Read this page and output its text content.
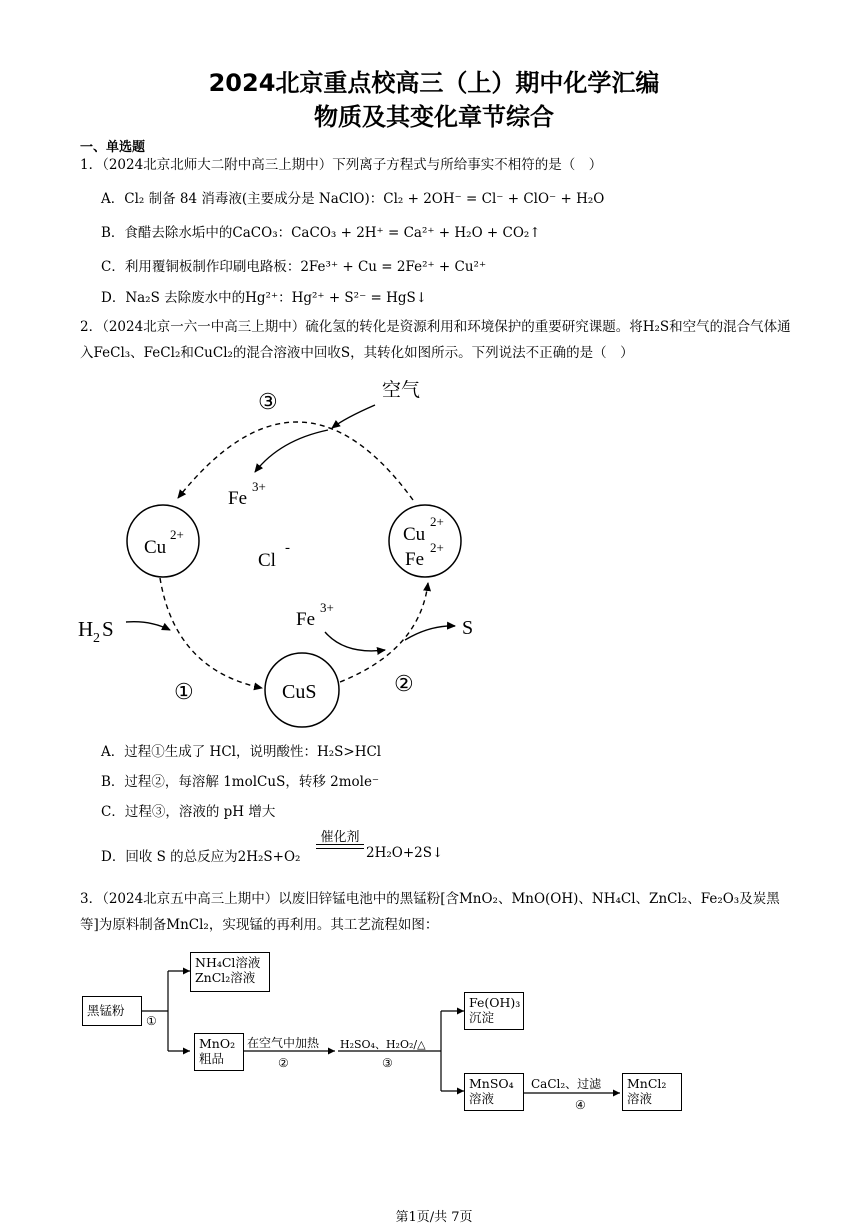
2024北京重点校高三（上）期中化学汇编
物质及其变化章节综合
一、单选题
1．（2024北京北师大二附中高三上期中）下列离子方程式与所给事实不相符的是（　）
A．Cl₂ 制备 84 消毒液(主要成分是 NaClO)：Cl₂ + 2OH⁻ = Cl⁻ + ClO⁻ + H₂O
B．食醋去除水垢中的CaCO₃：CaCO₃ + 2H⁺ = Ca²⁺ + H₂O + CO₂↑
C．利用覆铜板制作印刷电路板：2Fe³⁺ + Cu = 2Fe²⁺ + Cu²⁺
D．Na₂S 去除废水中的Hg²⁺：Hg²⁺ + S²⁻ = HgS↓
2．（2024北京一六一中高三上期中）硫化氢的转化是资源利用和环境保护的重要研究课题。将H₂S和空气的混合气体通入FeCl₃、FeCl₂和CuCl₂的混合溶液中回收S，其转化如图所示。下列说法不正确的是（　）
空气
③
Fe
3+
Cu
2+
Cl
-
Cu
2+
Fe
2+
H 2 S	Fe
3+
S
CuS
①	②
A．过程①生成了 HCl，说明酸性：H₂S>HCl
B．过程②，每溶解 1molCuS，转移 2mole⁻
C．过程③，溶液的 pH 增大
D．回收 S 的总反应为2H₂S+O₂
催化剂
2H₂O+2S↓
3．（2024北京五中高三上期中）以废旧锌锰电池中的黑锰粉[含MnO₂、MnO(OH)、NH₄Cl、ZnCl₂、Fe₂O₃及炭黑等]为原料制备MnCl₂，实现锰的再利用。其工艺流程如图：
黑锰粉
NH₄Cl溶液
ZnCl₂溶液
MnO₂
粗品
Fe(OH)₃
沉淀
MnSO₄
溶液
MnCl₂
溶液
①
在空气中加热
②
H₂SO₄、H₂O₂/△
③
CaCl₂、过滤
④
第1页/共 7页
